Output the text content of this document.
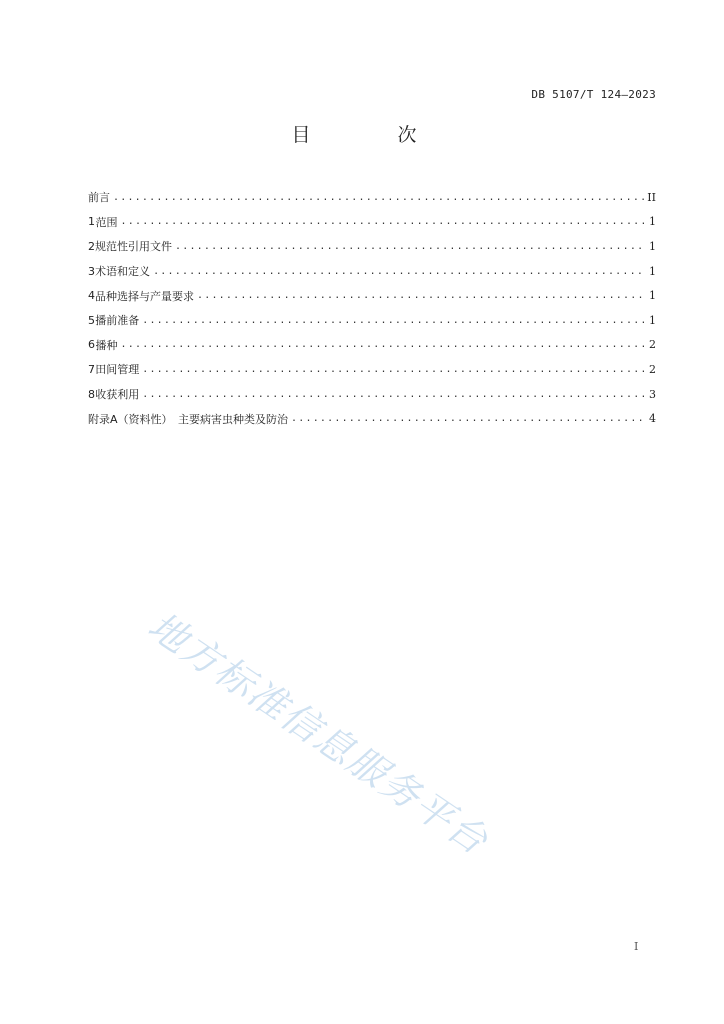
DB 5107/T 124—2023
目　次
前言 .....	II
1 范围 .....	1
2 规范性引用文件 .....	1
3 术语和定义 .....	1
4 品种选择与产量要求 .....	1
5 播前准备 .....	1
6 播种 .....	2
7 田间管理 .....	2
8 收获利用 .....	3
附录A（资料性）　主要病害虫种类及防治 .....	4
地方标准信息服务平台
I
